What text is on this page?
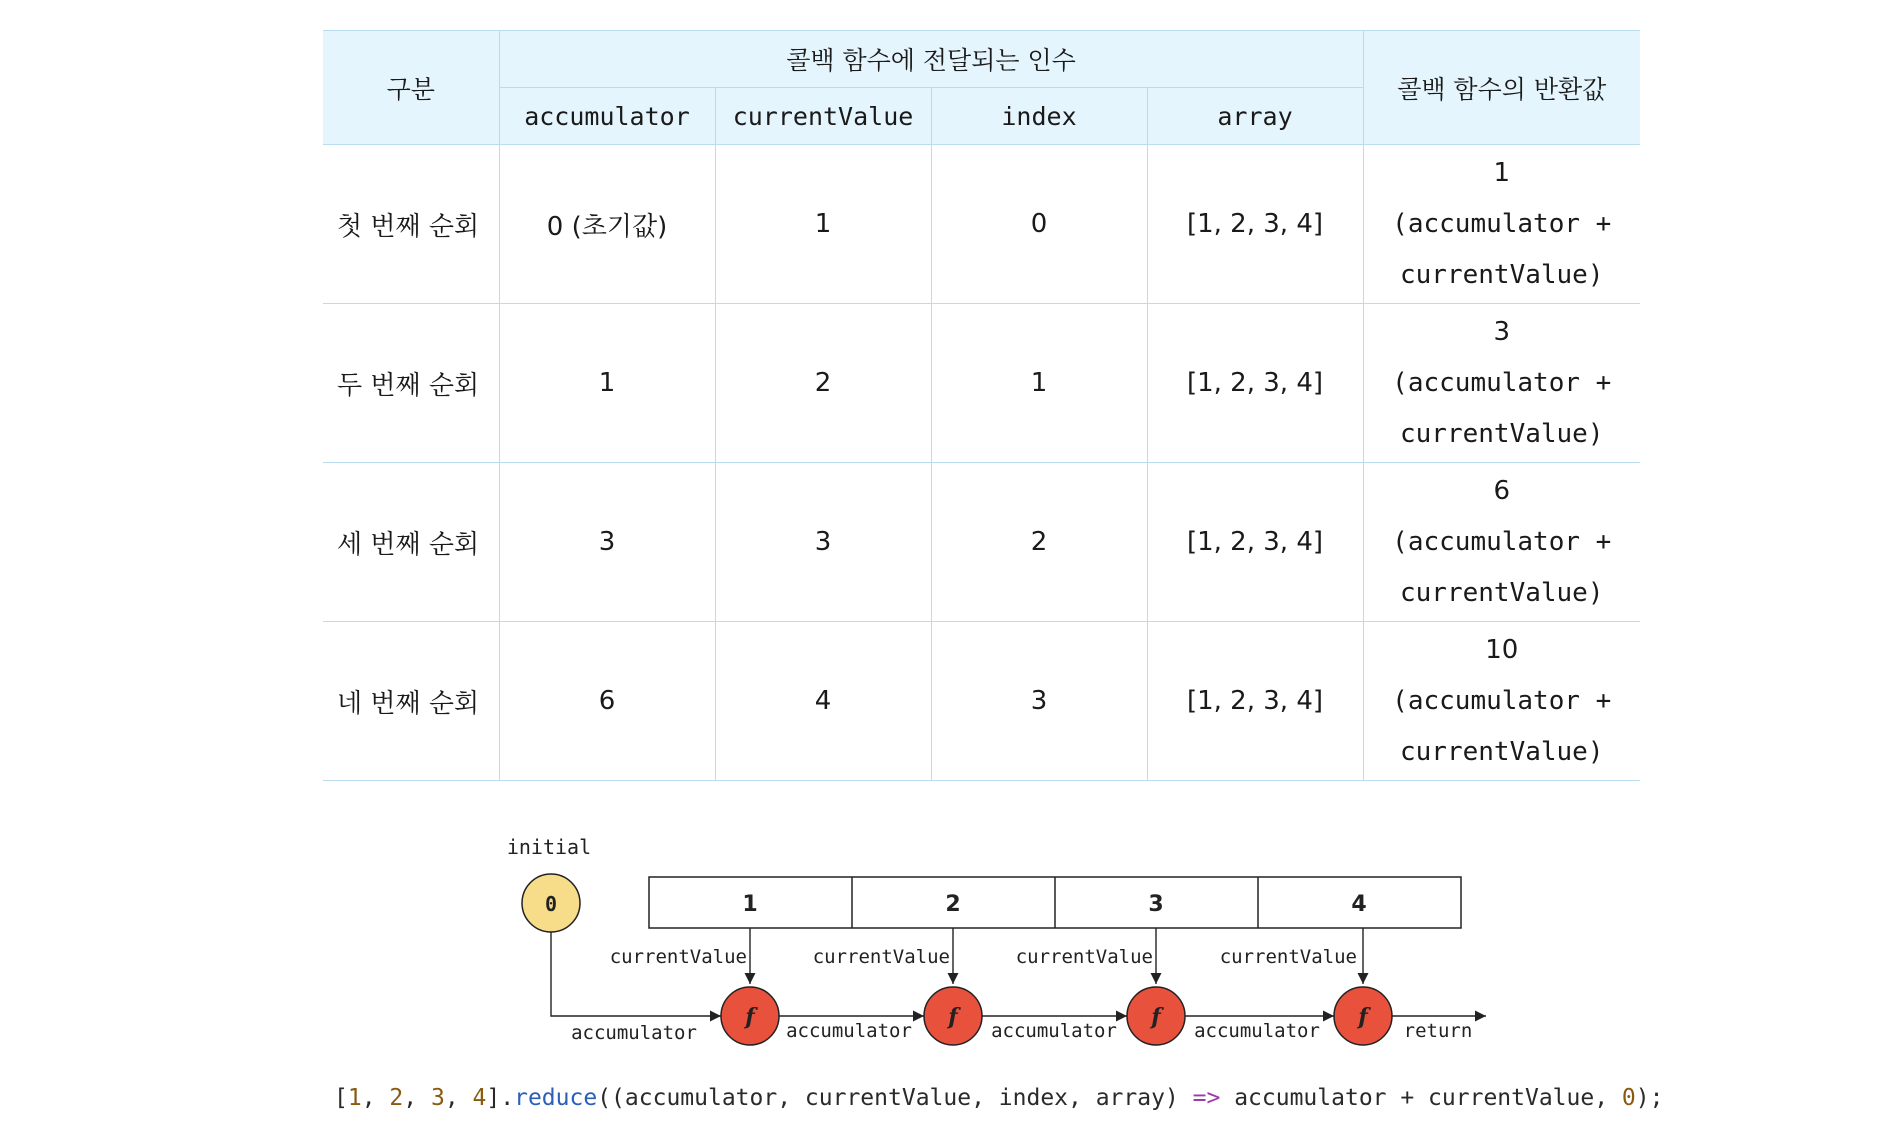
구분	콜백 함수에 전달되는 인수				콜백 함수의 반환값
	accumulator	currentValue	index	array	
첫 번째 순회	0 (초기값)	1	0	[1, 2, 3, 4]	1
(accumulator +
currentValue)

두 번째 순회	1	2	1	[1, 2, 3, 4]	3
(accumulator +
currentValue)

세 번째 순회	3	3	2	[1, 2, 3, 4]	6
(accumulator +
currentValue)

네 번째 순회	6	4	3	[1, 2, 3, 4]	10
(accumulator +
currentValue)
initial
0	1	2	3	4
currentValue	currentValue	currentValue	currentValue
f	f	f	f
accumulator	accumulator	accumulator	accumulator	return
[1, 2, 3, 4].reduce((accumulator, currentValue, index, array) => accumulator + currentValue, 0);
